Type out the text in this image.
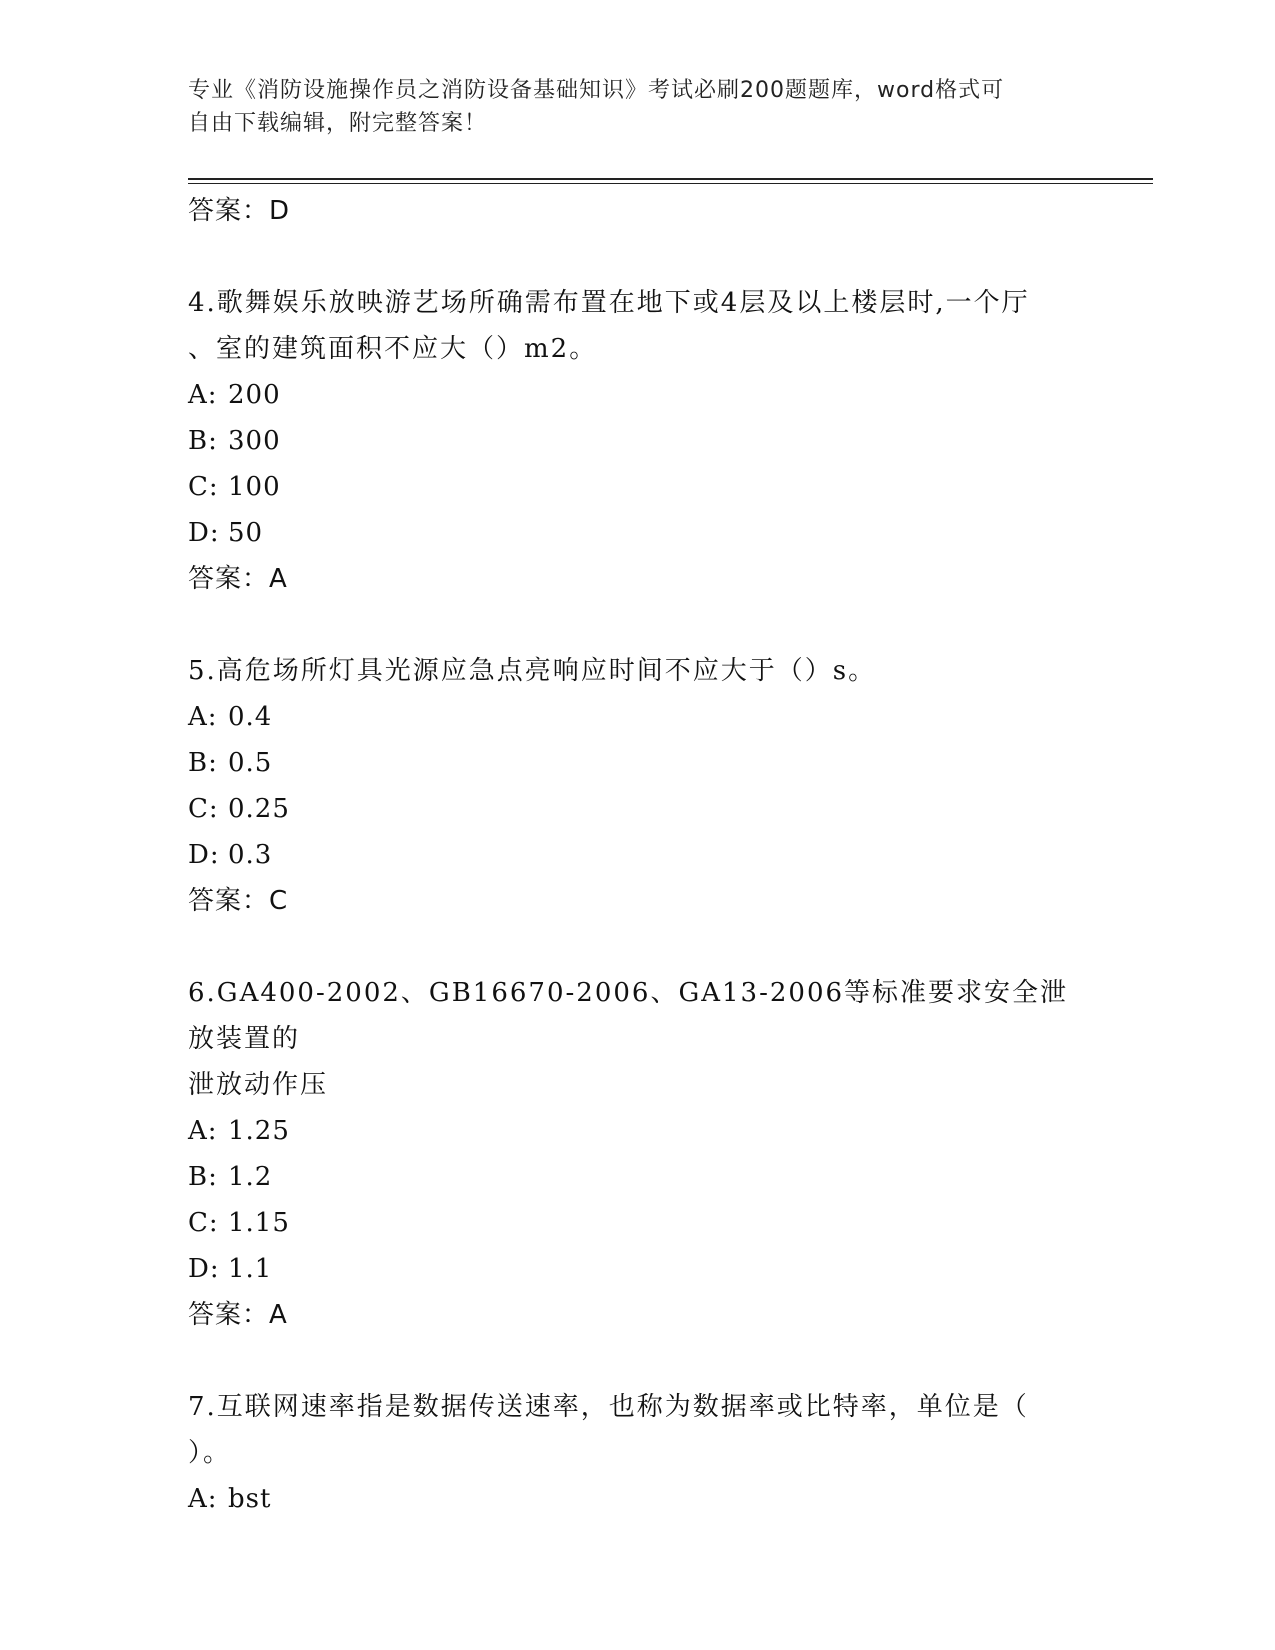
专业《消防设施操作员之消防设备基础知识》考试必刷200题题库，word格式可
自由下载编辑，附完整答案！
答案：D
4.歌舞娱乐放映游艺场所确需布置在地下或4层及以上楼层时,一个厅
、室的建筑面积不应大（）m2。
A: 200
B: 300
C: 100
D: 50
答案：A
5.高危场所灯具光源应急点亮响应时间不应大于（）s。
A: 0.4
B: 0.5
C: 0.25
D: 0.3
答案：C
6.GA400-2002、GB16670-2006、GA13-2006等标准要求安全泄放装置的
泄放动作压
A: 1.25
B: 1.2
C: 1.15
D: 1.1
答案：A
7.互联网速率指是数据传送速率，也称为数据率或比特率，单位是（
）。
A: bst
